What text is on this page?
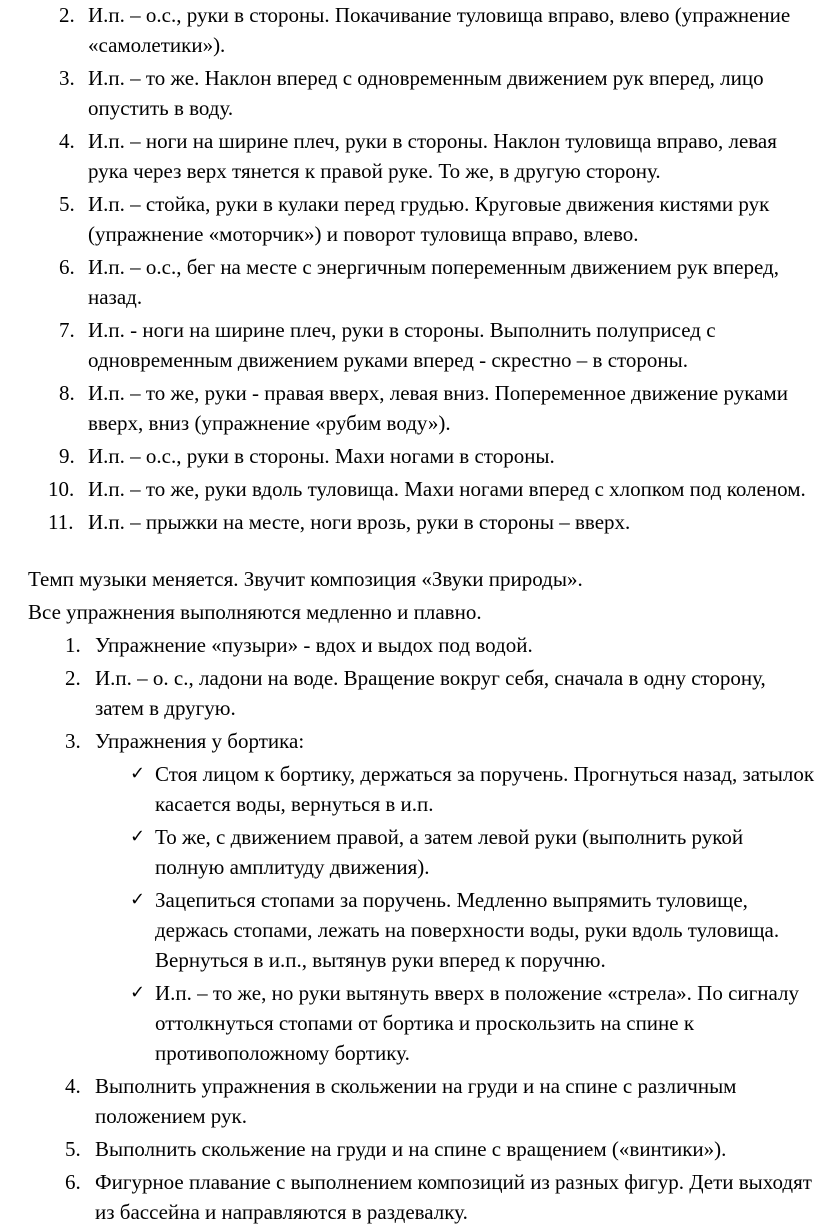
2. И.п. – о.с., руки в стороны. Покачивание туловища вправо, влево (упражнение «самолетики»).
3. И.п. – то же. Наклон вперед с одновременным движением рук вперед, лицо опустить в воду.
4. И.п. – ноги на ширине плеч, руки в стороны. Наклон туловища вправо, левая рука через верх тянется к правой руке. То же, в другую сторону.
5. И.п. – стойка, руки в кулаки перед грудью. Круговые движения кистями рук (упражнение «моторчик») и поворот туловища вправо, влево.
6. И.п. – о.с., бег на месте с энергичным попеременным движением рук вперед, назад.
7. И.п. - ноги на ширине плеч, руки в стороны. Выполнить полуприсед с одновременным движением руками вперед - скрестно – в стороны.
8. И.п. – то же, руки - правая вверх, левая вниз. Попеременное движение руками вверх, вниз (упражнение «рубим воду»).
9. И.п. – о.с., руки в стороны. Махи ногами в стороны.
10. И.п. – то же, руки вдоль туловища. Махи ногами вперед с хлопком под коленом.
11. И.п. – прыжки на месте, ноги врозь, руки в стороны – вверх.

Темп музыки меняется. Звучит композиция «Звуки природы».

Все упражнения выполняются медленно и плавно.

1. Упражнение «пузыри» - вдох и выдох под водой.
2. И.п. – о. с., ладони на воде. Вращение вокруг себя, сначала в одну сторону, затем в другую.
3. Упражнения у бортика:
✓ Стоя лицом к бортику, держаться за поручень. Прогнуться назад, затылок касается воды, вернуться в и.п.
✓ То же, с движением правой, а затем левой руки (выполнить рукой полную амплитуду движения).
✓ Зацепиться стопами за поручень. Медленно выпрямить туловище, держась стопами, лежать на поверхности воды, руки вдоль туловища. Вернуться в и.п., вытянув руки вперед к поручню.
✓ И.п. – то же, но руки вытянуть вверх в положение «стрела». По сигналу оттолкнуться стопами от бортика и проскользить на спине к противоположному бортику.
4. Выполнить упражнения в скольжении на груди и на спине с различным положением рук.
5. Выполнить скольжение на груди и на спине с вращением («винтики»).
6. Фигурное плавание с выполнением композиций из разных фигур. Дети выходят из бассейна и направляются в раздевалку.
